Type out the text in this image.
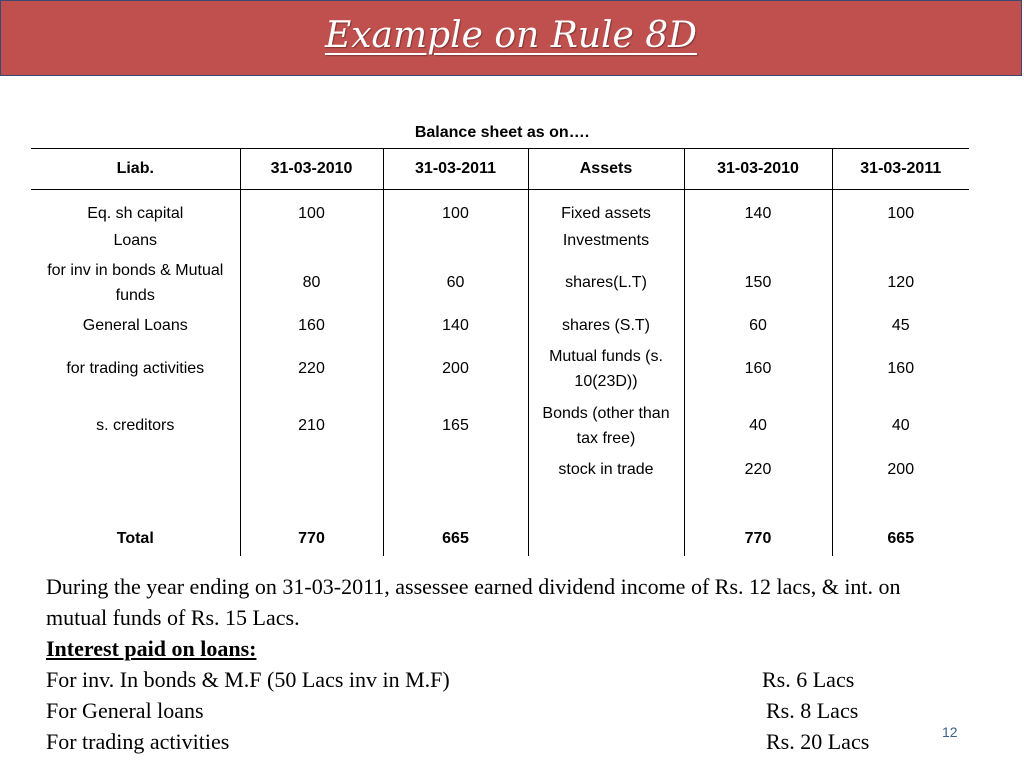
Example on Rule 8D
Balance sheet as on….
Liab.	31-03-2010	31-03-2011	Assets	31-03-2010	31-03-2011
Eq. sh capital	100	100	Fixed assets	140	100
Loans			Investments		
for inv in bonds & Mutual funds	80	60	shares(L.T)	150	120
General Loans	160	140	shares (S.T)	60	45
for trading activities	220	200	Mutual funds (s. 10(23D))	160	160
s. creditors	210	165	Bonds (other than tax free)	40	40
			stock in trade	220	200

Total	770	665		770	665

During the year ending on 31-03-2011, assessee earned dividend income of Rs. 12 lacs, & int. on mutual funds of Rs. 15 Lacs.

Interest paid on loans:

For inv. In bonds & M.F (50 Lacs inv in M.F)	Rs. 6 Lacs

For General loans	Rs. 8 Lacs

For trading activities	Rs. 20 Lacs	12
